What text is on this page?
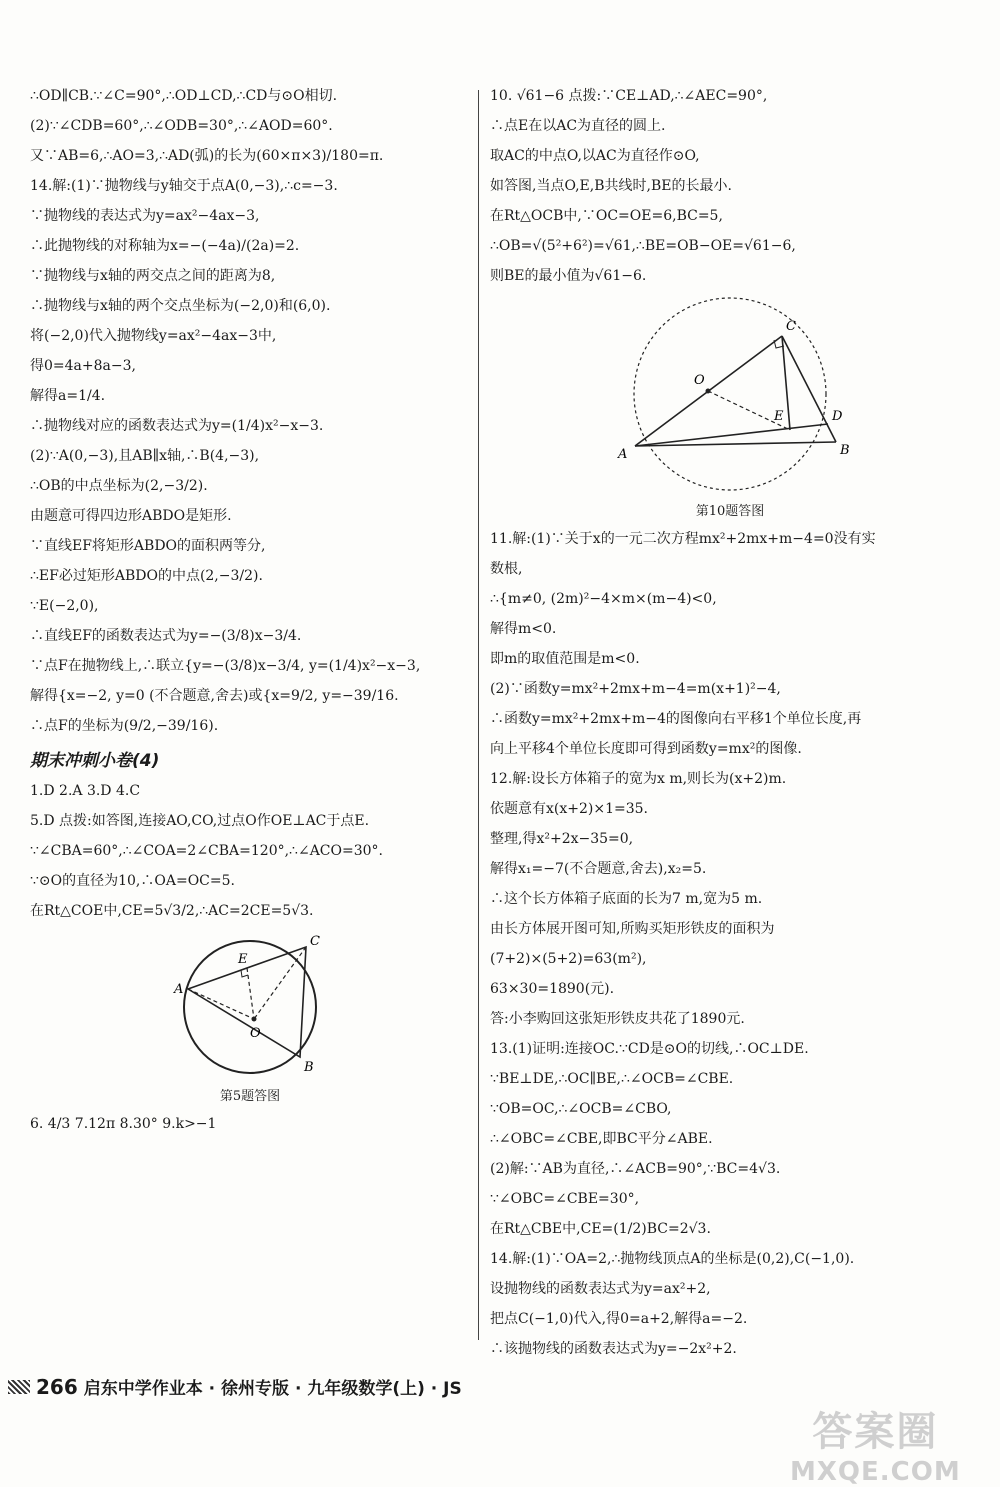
∴OD∥CB.∵∠C=90°,∴OD⊥CD,∴CD与⊙O相切.
(2)∵∠CDB=60°,∴∠ODB=30°,∴∠AOD=60°.
又∵AB=6,∴AO=3,∴AD(弧)的长为(60×π×3)/180=π.
14.解:(1)∵抛物线与y轴交于点A(0,−3),∴c=−3.
∵抛物线的表达式为y=ax²−4ax−3,
∴此抛物线的对称轴为x=−(−4a)/(2a)=2.
∵抛物线与x轴的两交点之间的距离为8,
∴抛物线与x轴的两个交点坐标为(−2,0)和(6,0).
将(−2,0)代入抛物线y=ax²−4ax−3中,
得0=4a+8a−3,
解得a=1/4.
∴抛物线对应的函数表达式为y=(1/4)x²−x−3.
(2)∵A(0,−3),且AB∥x轴,∴B(4,−3),
∴OB的中点坐标为(2,−3/2).
由题意可得四边形ABDO是矩形.
∵直线EF将矩形ABDO的面积两等分,
∴EF必过矩形ABDO的中点(2,−3/2).
∵E(−2,0),
∴直线EF的函数表达式为y=−(3/8)x−3/4.
∵点F在抛物线上,∴联立{y=−(3/8)x−3/4, y=(1/4)x²−x−3,
解得{x=−2, y=0 (不合题意,舍去)或{x=9/2, y=−39/16.
∴点F的坐标为(9/2,−39/16).
期末冲刺小卷(4)
1.D 2.A 3.D 4.C
5.D 点拨:如答图,连接AO,CO,过点O作OE⊥AC于点E.
∵∠CBA=60°,∴∠COA=2∠CBA=120°,∴∠ACO=30°.
∵⊙O的直径为10,∴OA=OC=5.
在Rt△COE中,CE=5√3/2,∴AC=2CE=5√3.
A
C
B
E
O
第5题答图
6. 4/3 7.12π 8.30° 9.k>−1
10. √61−6 点拨:∵CE⊥AD,∴∠AEC=90°,
∴点E在以AC为直径的圆上.
取AC的中点O,以AC为直径作⊙O,
如答图,当点O,E,B共线时,BE的长最小.
在Rt△OCB中,∵OC=OE=6,BC=5,
∴OB=√(5²+6²)=√61,∴BE=OB−OE=√61−6,
则BE的最小值为√61−6.
A
C
O
E	D
B
第10题答图
11.解:(1)∵关于x的一元二次方程mx²+2mx+m−4=0没有实
数根,
∴{m≠0, (2m)²−4×m×(m−4)<0,
解得m<0.
即m的取值范围是m<0.
(2)∵函数y=mx²+2mx+m−4=m(x+1)²−4,
∴函数y=mx²+2mx+m−4的图像向右平移1个单位长度,再
向上平移4个单位长度即可得到函数y=mx²的图像.
12.解:设长方体箱子的宽为x m,则长为(x+2)m.
依题意有x(x+2)×1=35.
整理,得x²+2x−35=0,
解得x₁=−7(不合题意,舍去),x₂=5.
∴这个长方体箱子底面的长为7 m,宽为5 m.
由长方体展开图可知,所购买矩形铁皮的面积为
(7+2)×(5+2)=63(m²),
63×30=1890(元).
答:小李购回这张矩形铁皮共花了1890元.
13.(1)证明:连接OC.∵CD是⊙O的切线,∴OC⊥DE.
∵BE⊥DE,∴OC∥BE,∴∠OCB=∠CBE.
∵OB=OC,∴∠OCB=∠CBO,
∴∠OBC=∠CBE,即BC平分∠ABE.
(2)解:∵AB为直径,∴∠ACB=90°,∵BC=4√3.
∵∠OBC=∠CBE=30°,
在Rt△CBE中,CE=(1/2)BC=2√3.
14.解:(1)∵OA=2,∴抛物线顶点A的坐标是(0,2),C(−1,0).
设抛物线的函数表达式为y=ax²+2,
把点C(−1,0)代入,得0=a+2,解得a=−2.
∴该抛物线的函数表达式为y=−2x²+2.
266 启东中学作业本 · 徐州专版 · 九年级数学(上) · JS
答案圈
MXQE.COM
